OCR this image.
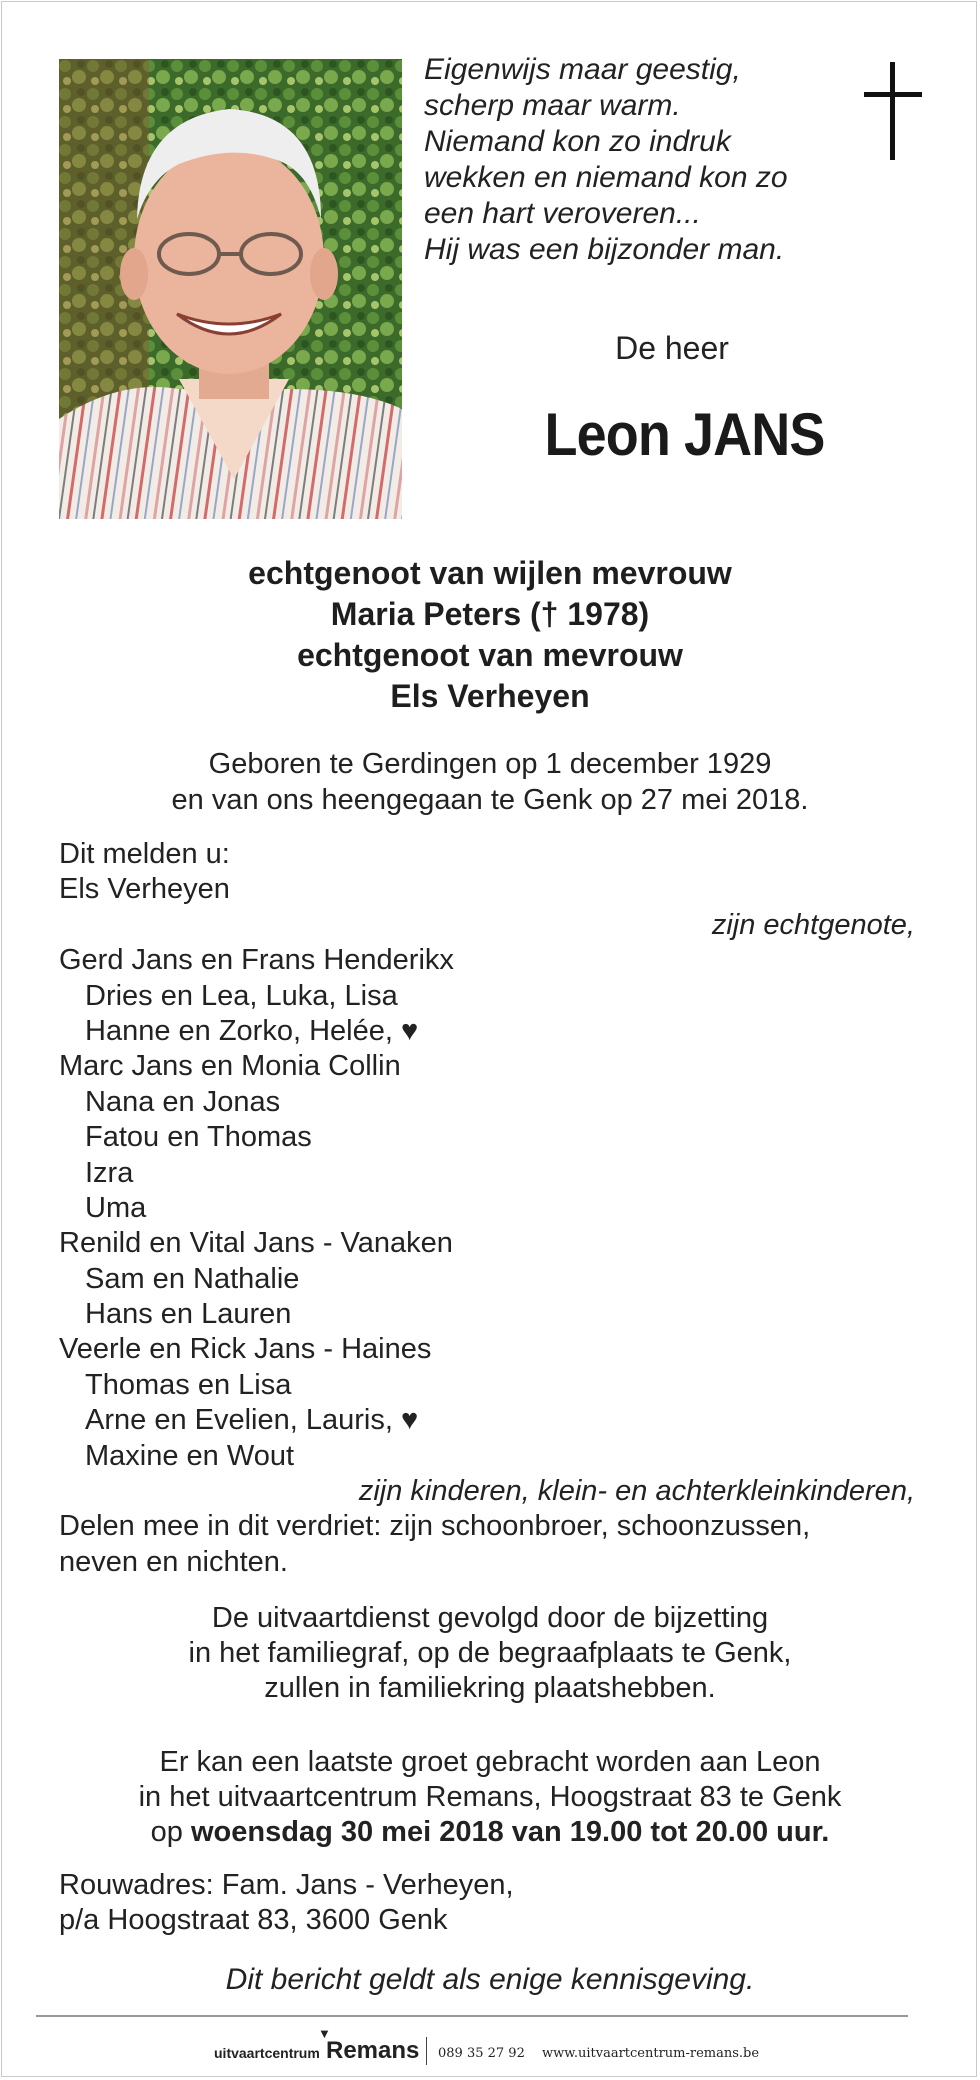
Eigenwijs maar geestig,
scherp maar warm.
Niemand kon zo indruk
wekken en niemand kon zo
een hart veroveren...
Hij was een bijzonder man.
De heer
Leon JANS
echtgenoot van wijlen mevrouw
Maria Peters († 1978)
echtgenoot van mevrouw
Els Verheyen
Geboren te Gerdingen op 1 december 1929
en van ons heengegaan te Genk op 27 mei 2018.
Dit melden u:
Els Verheyen
zijn echtgenote,
Gerd Jans en Frans Henderikx
Dries en Lea, Luka, Lisa
Hanne en Zorko, Helée, ♥
Marc Jans en Monia Collin
Nana en Jonas
Fatou en Thomas
Izra
Uma
Renild en Vital Jans - Vanaken
Sam en Nathalie
Hans en Lauren
Veerle en Rick Jans - Haines
Thomas en Lisa
Arne en Evelien, Lauris, ♥
Maxine en Wout
zijn kinderen, klein- en achterkleinkinderen,
Delen mee in dit verdriet: zijn schoonbroer, schoonzussen,
neven en nichten.
De uitvaartdienst gevolgd door de bijzetting
in het familiegraf, op de begraafplaats te Genk,
zullen in familiekring plaatshebben.
Er kan een laatste groet gebracht worden aan Leon
in het uitvaartcentrum Remans, Hoogstraat 83 te Genk
op woensdag 30 mei 2018 van 19.00 tot 20.00 uur.
Rouwadres: Fam. Jans - Verheyen,
p/a Hoogstraat 83, 3600 Genk
Dit bericht geldt als enige kennisgeving.
uitvaartcentrum
▼
Remans 089 35 27 92 www.uitvaartcentrum-remans.be
